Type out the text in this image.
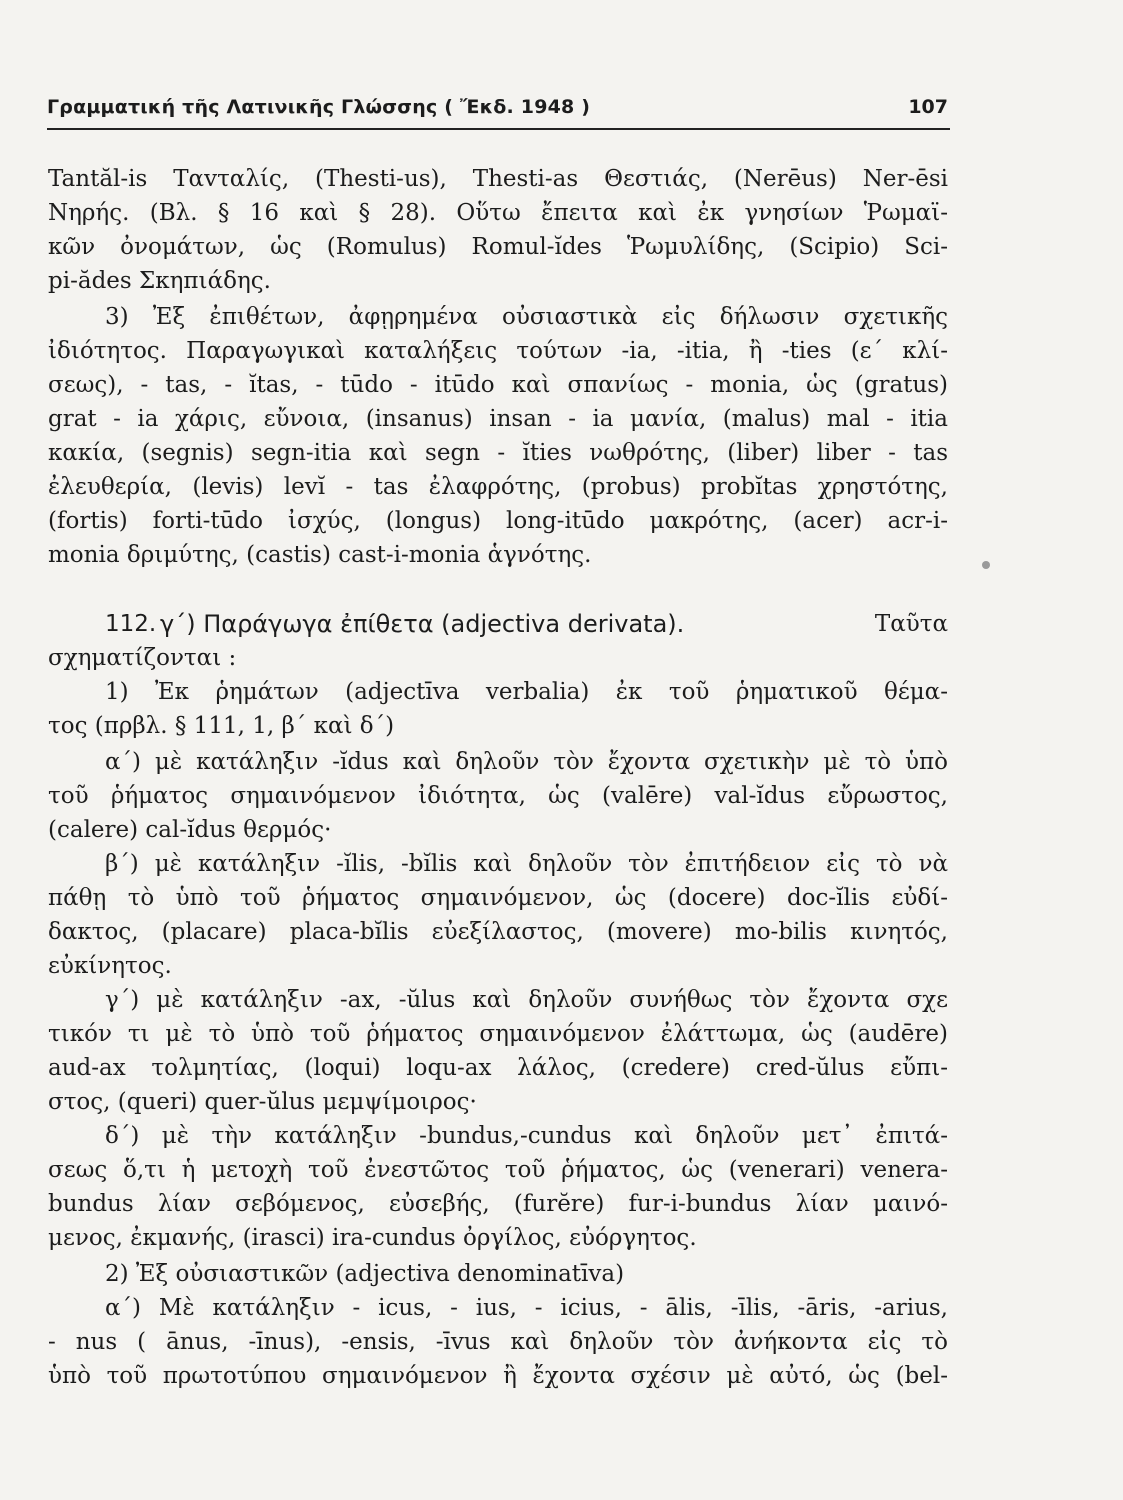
Γραμματική τῆς Λατινικῆς Γλώσσης ( Ἔκδ. 1948 )	107
Tantăl-is Ταvταλίς, (Thesti-us), Thesti-as Θεστιάς, (Nerēus) Ner-ēsi
Νηρής. (Βλ. § 16 καὶ § 28). Οὕτω ἔπειτα καὶ ἐκ γνησίων Ῥωμαϊ-
κῶν ὀνομάτων, ὡς (Romulus) Romul-ĭdes Ῥωμυλίδης, (Scipio) Sci-
pi-ădes Σκηπιάδης.
3) Ἐξ ἐπιθέτων, ἀφῃρημένα οὐσιαστικὰ εἰς δήλωσιν σχετικῆς
ἰδιότητος. Παραγωγικαὶ καταλήξεις τούτων -ia, -itia, ἢ -ties (ε´ κλί-
σεως), - tas, - ĭtas, - tūdo - itūdo καὶ σπανίως - monia, ὡς (gratus)
grat - ia χάρις, εὔνοια, (insanus) insan - ia μανία, (malus) mal - itia
κακία, (segnis) segn-itia καὶ segn - ĭties νωθρότης, (liber) liber - tas
ἐλευθερία, (levis) levĭ - tas ἐλαφρότης, (probus) probĭtas χρηστότης,
(fortis) forti-tūdo ἰσχύς, (longus) long-itūdo μακρότης, (acer) acr-i-
monia δριμύτης, (castis) cast-i-monia ἁγνότης.
112. γ´) Παράγωγα ἐπίθετα (adjectiva derivata).	Ταῦτα
σχηματίζονται :
1) Ἐκ ῥημάτων (adjectīva verbalia) ἐκ τοῦ ῥηματικοῦ θέμα-
τος (πρβλ. § 111, 1, β´ καὶ δ´)
α´) μὲ κατάληξιν -ĭdus καὶ δηλοῦν τὸν ἔχοντα σχετικὴν μὲ τὸ ὑπὸ
τοῦ ῥήματος σημαινόμενον ἰδιότητα, ὡς (valēre) val-ĭdus εὔρωστος,
(calere) cal-ĭdus θερμός·
β´) μὲ κατάληξιν -ĭlis, -bĭlis καὶ δηλοῦν τὸν ἐπιτήδειον εἰς τὸ νὰ
πάθῃ τὸ ὑπὸ τοῦ ῥήματος σημαινόμενον, ὡς (docere) doc-ĭlis εὐδί-
δακτος, (placare) placa-bĭlis εὐεξίλαστος, (movere) mo-bilis κινητός,
εὐκίνητος.
γ´) μὲ κατάληξιν -ax, -ŭlus καὶ δηλοῦν συνήθως τὸν ἔχοντα σχε
τικόν τι μὲ τὸ ὑπὸ τοῦ ῥήματος σημαινόμενον ἐλάττωμα, ὡς (audēre)
aud-ax τολμητίας, (loqui) loqu-ax λάλος, (credere) cred-ŭlus εὔπι-
στος, (queri) quer-ŭlus μεμψίμοιρος·
δ´) μὲ τὴν κατάληξιν -bundus,-cundus καὶ δηλοῦν μετ᾽ ἐπιτά-
σεως ὅ,τι ἡ μετοχὴ τοῦ ἐνεστῶτος τοῦ ῥήματος, ὡς (venerari) venera-
bundus λίαν σεβόμενος, εὐσεβής, (furĕre) fur-i-bundus λίαν μαινό-
μενος, ἐκμανής, (irasci) ira-cundus ὀργίλος, εὐόργητος.
2) Ἐξ οὐσιαστικῶν (adjectiva denominatīva)
α´) Μὲ κατάληξιν - icus, - ius, - icius, - ālis, -īlis, -āris, -arius,
- nus ( ānus, -īnus), -ensis, -īvus καὶ δηλοῦν τὸν ἀνήκοντα εἰς τὸ
ὑπὸ τοῦ πρωτοτύπου σημαινόμενον ἢ ἔχοντα σχέσιν μὲ αὐτό, ὡς (bel-
